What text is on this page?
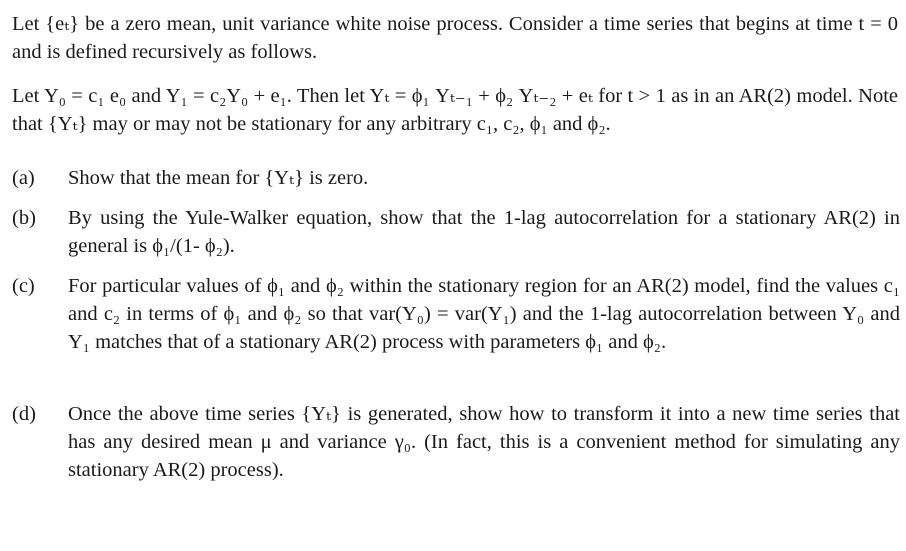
Let {eₜ} be a zero mean, unit variance white noise process. Consider a time series that begins at time t = 0 and is defined recursively as follows.
Let Y₀ = c₁ e₀ and Y₁ = c₂Y₀ + e₁. Then let Yₜ = ϕ₁ Yₜ₋₁ + ϕ₂ Yₜ₋₂ + eₜ for t > 1 as in an AR(2) model. Note that {Yₜ} may or may not be stationary for any arbitrary c₁, c₂, ϕ₁ and ϕ₂.
(a)	Show that the mean for {Yₜ} is zero.
(b)	By using the Yule-Walker equation, show that the 1-lag autocorrelation for a stationary AR(2) in general is ϕ₁/(1- ϕ₂).
(c)	For particular values of ϕ₁ and ϕ₂ within the stationary region for an AR(2) model, find the values c₁ and c₂ in terms of ϕ₁ and ϕ₂ so that var(Y₀) = var(Y₁) and the 1-lag autocorrelation between Y₀ and Y₁ matches that of a stationary AR(2) process with parameters ϕ₁ and ϕ₂.
(d)	Once the above time series {Yₜ} is generated, show how to transform it into a new time series that has any desired mean μ and variance γ₀. (In fact, this is a convenient method for simulating any stationary AR(2) process).
